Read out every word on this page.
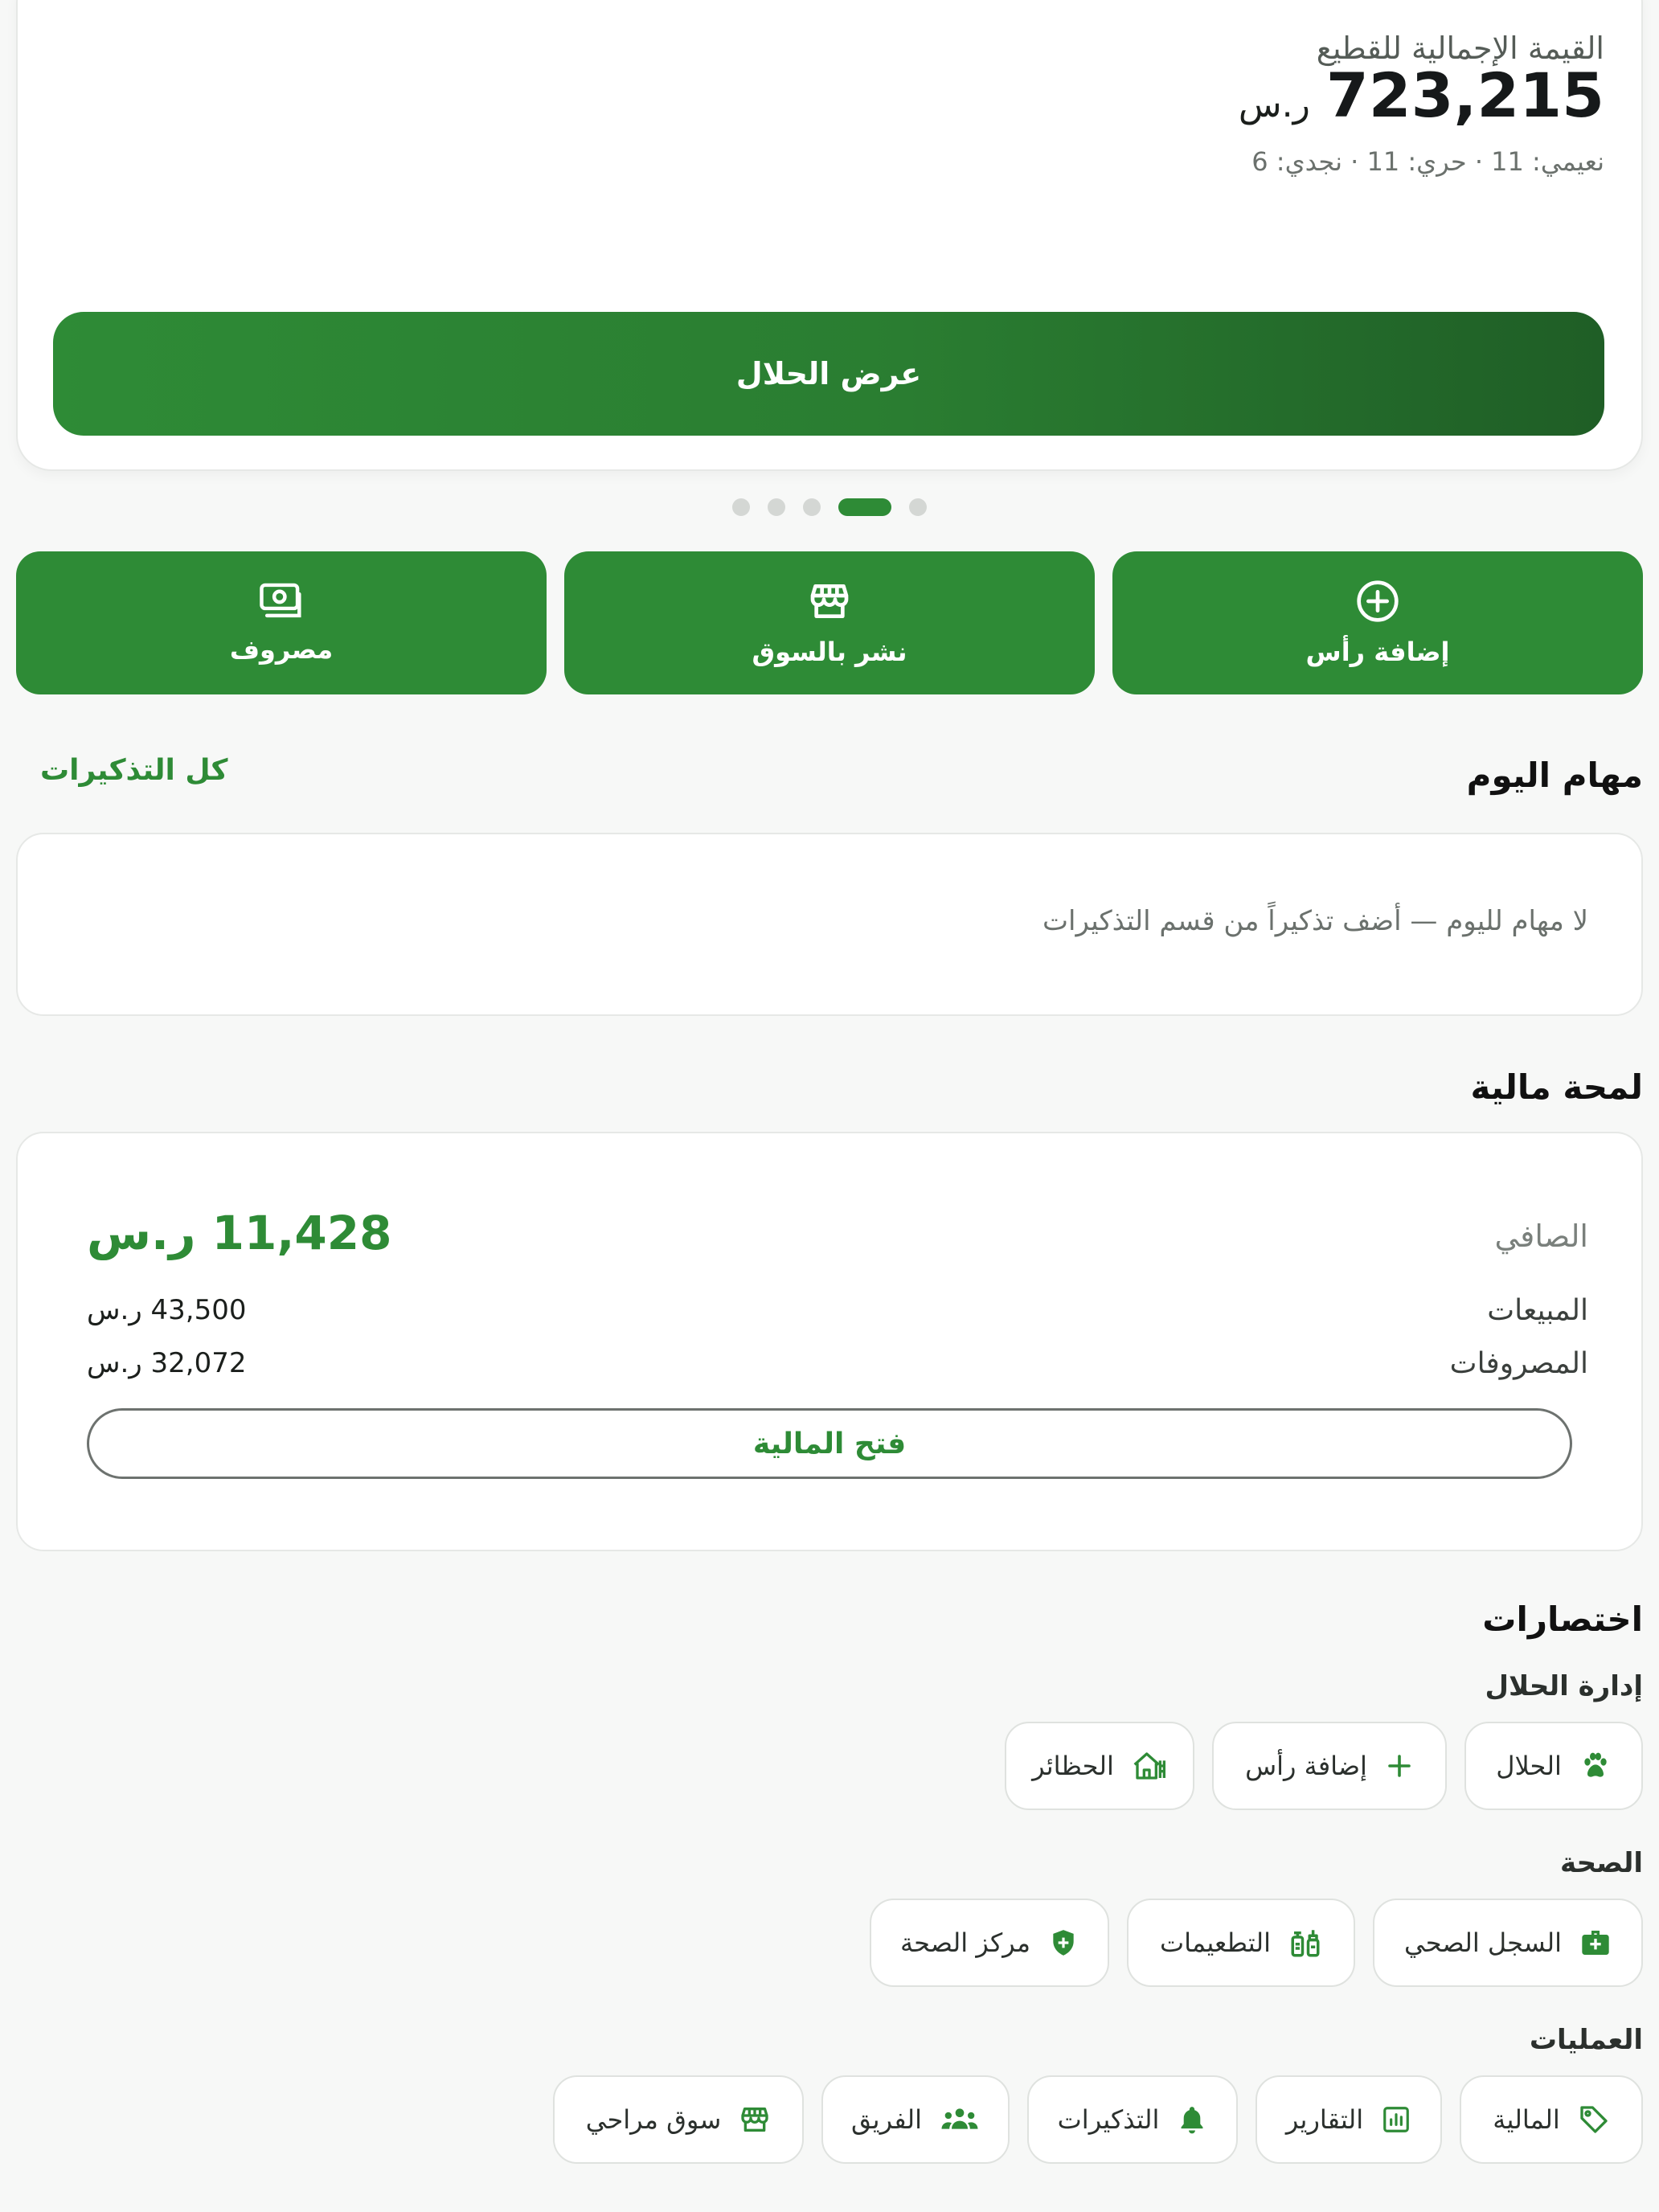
القيمة الإجمالية للقطيع
723,215
ر.س
نعيمي: 11 · حري: 11 · نجدي: 6
عرض الحلال
إضافة رأس
نشر بالسوق
مصروف
مهام اليوم
كل التذكيرات
لا مهام لليوم — أضف تذكيراً من قسم التذكيرات
لمحة مالية
الصافي
11,428 ر.س
المبيعات
43,500 ر.س
المصروفات
32,072 ر.س
فتح المالية
اختصارات
إدارة الحلال
الحلال
إضافة رأس
الحظائر
الصحة
السجل الصحي
التطعيمات
مركز الصحة
العمليات
المالية
التقارير
التذكيرات
الفريق
سوق مراحي
